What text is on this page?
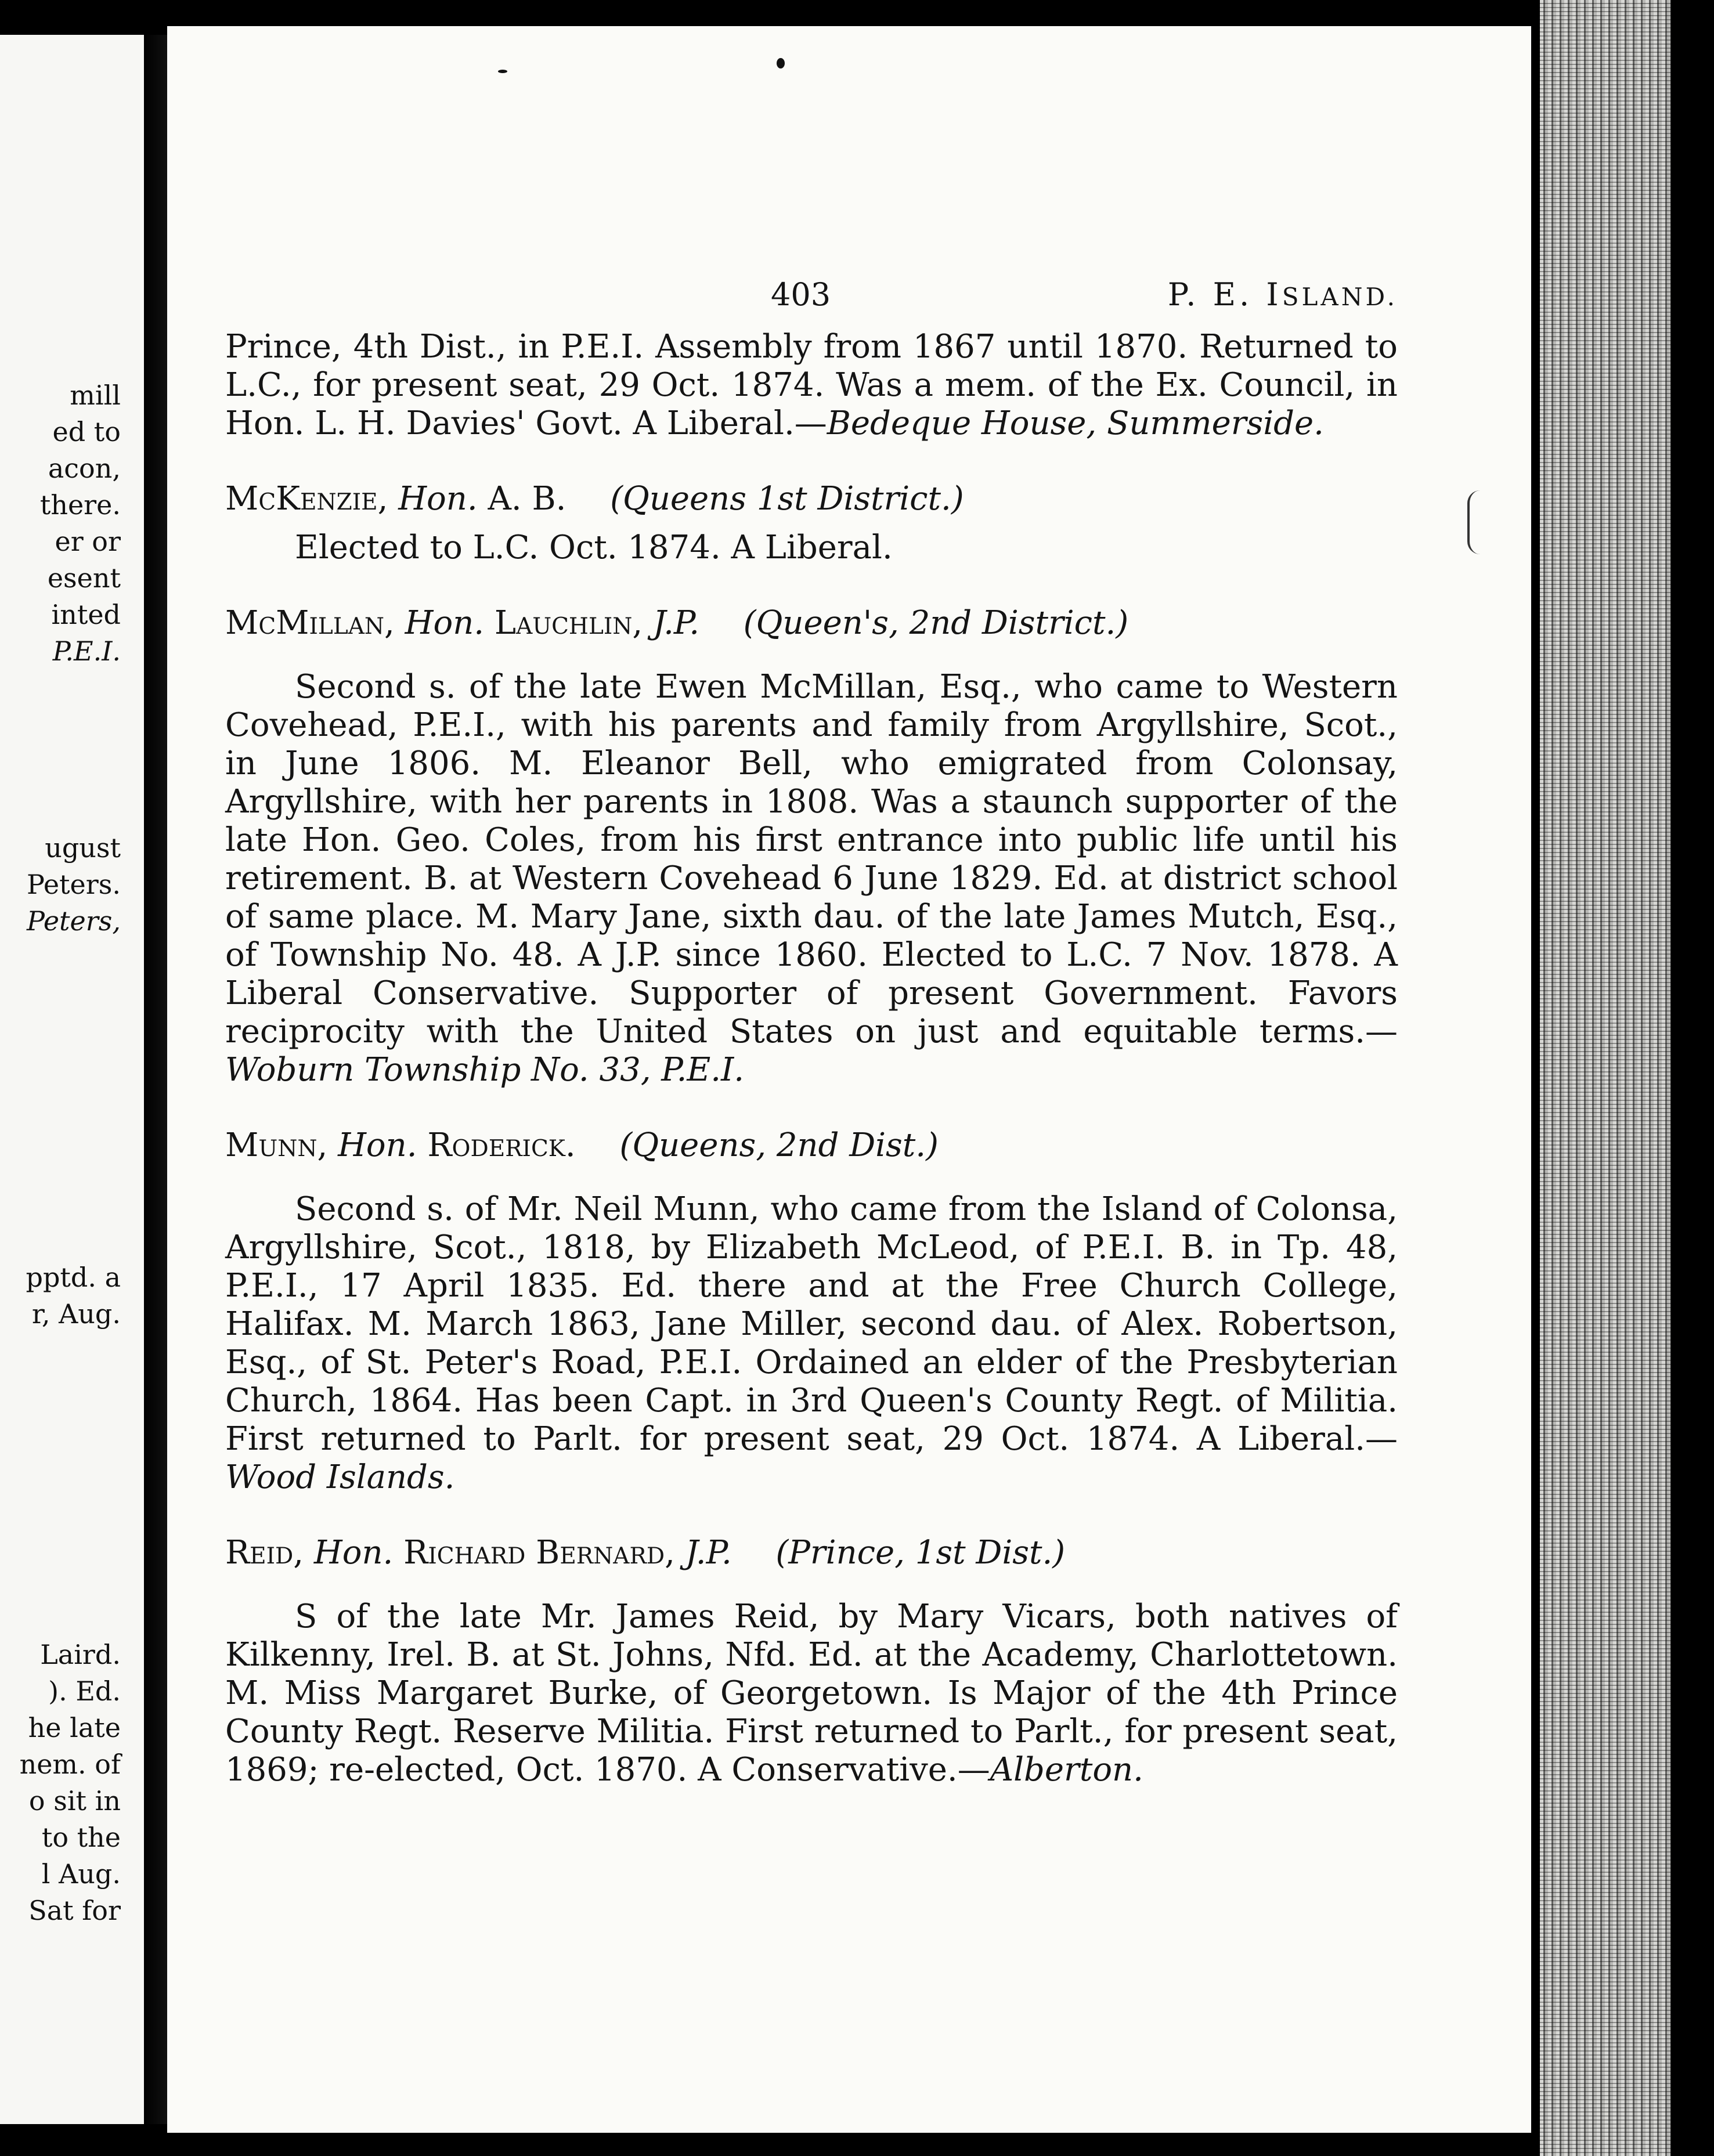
mill
ed to
acon,
there.
er or
esent
inted
P.E.I.
ugust
Peters.
Peters,
pptd. a
r, Aug.
Laird.
). Ed.
he late
nem. of
o sit in
to the
l Aug.
Sat for
403	P. E. ISLAND.

Prince, 4th Dist., in P.E.I. Assembly from 1867 until 1870. Returned to L.C., for present seat, 29 Oct. 1874. Was a mem. of the Ex. Council, in Hon. L. H. Davies' Govt. A Liberal.—Bedeque House, Summerside.

McKenzie, Hon. A. B. (Queens 1st District.)

Elected to L.C. Oct. 1874. A Liberal.

McMillan, Hon. Lauchlin, J.P. (Queen's, 2nd District.)

Second s. of the late Ewen McMillan, Esq., who came to Western Covehead, P.E.I., with his parents and family from Argyllshire, Scot., in June 1806. M. Eleanor Bell, who emigrated from Colonsay, Argyllshire, with her parents in 1808. Was a staunch supporter of the late Hon. Geo. Coles, from his first entrance into public life until his retirement. B. at Western Covehead 6 June 1829. Ed. at district school of same place. M. Mary Jane, sixth dau. of the late James Mutch, Esq., of Township No. 48. A J.P. since 1860. Elected to L.C. 7 Nov. 1878. A Liberal Conservative. Supporter of present Government. Favors reciprocity with the United States on just and equitable terms.—Woburn Township No. 33, P.E.I.

Munn, Hon. Roderick. (Queens, 2nd Dist.)

Second s. of Mr. Neil Munn, who came from the Island of Colonsa, Argyllshire, Scot., 1818, by Elizabeth McLeod, of P.E.I. B. in Tp. 48, P.E.I., 17 April 1835. Ed. there and at the Free Church College, Halifax. M. March 1863, Jane Miller, second dau. of Alex. Robertson, Esq., of St. Peter's Road, P.E.I. Ordained an elder of the Presbyterian Church, 1864. Has been Capt. in 3rd Queen's County Regt. of Militia. First returned to Parlt. for present seat, 29 Oct. 1874. A Liberal.—Wood Islands.

Reid, Hon. Richard Bernard, J.P. (Prince, 1st Dist.)

S of the late Mr. James Reid, by Mary Vicars, both natives of Kilkenny, Irel. B. at St. Johns, Nfd. Ed. at the Academy, Charlottetown. M. Miss Margaret Burke, of Georgetown. Is Major of the 4th Prince County Regt. Reserve Militia. First returned to Parlt., for present seat, 1869; re-elected, Oct. 1870. A Conservative.—Alberton.
